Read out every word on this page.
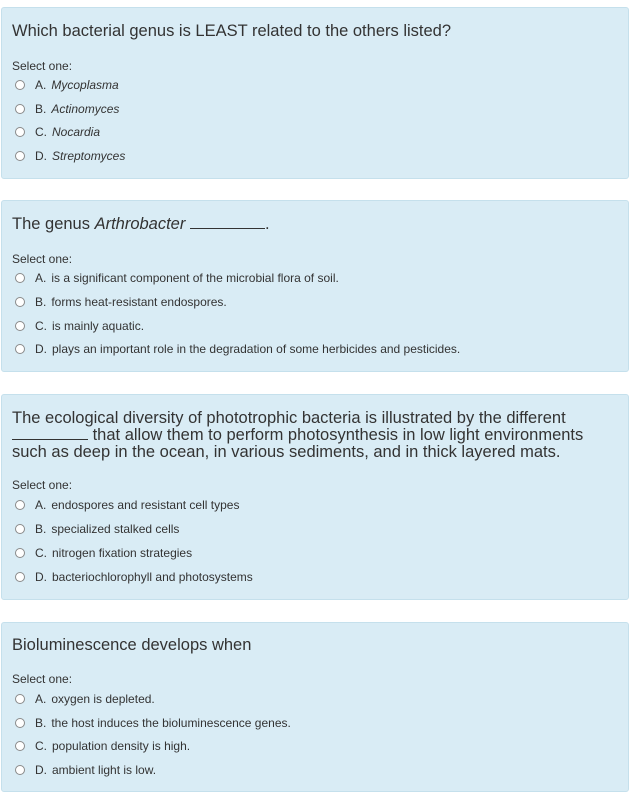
Which bacterial genus is LEAST related to the others listed?
Select one:
A. Mycoplasma
B. Actinomyces
C. Nocardia
D. Streptomyces
The genus Arthrobacter	.
Select one:
A. is a significant component of the microbial flora of soil.
B. forms heat-resistant endospores.
C. is mainly aquatic.
D. plays an important role in the degradation of some herbicides and pesticides.
The ecological diversity of phototrophic bacteria is illustrated by the different
that allow them to perform photosynthesis in low light environments
such as deep in the ocean, in various sediments, and in thick layered mats.
Select one:
A. endospores and resistant cell types
B. specialized stalked cells
C. nitrogen fixation strategies
D. bacteriochlorophyll and photosystems
Bioluminescence develops when
Select one:
A. oxygen is depleted.
B. the host induces the bioluminescence genes.
C. population density is high.
D. ambient light is low.
